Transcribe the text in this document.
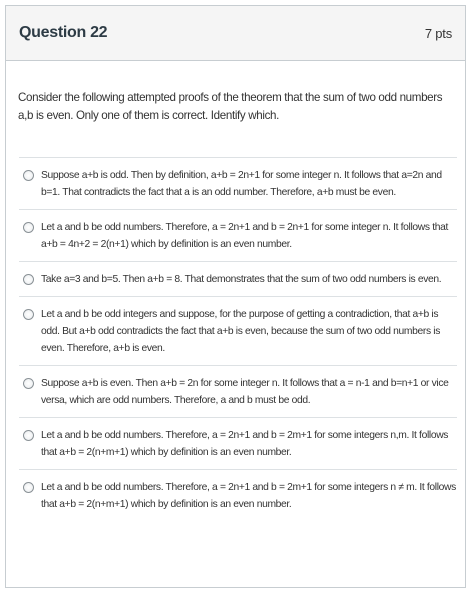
Question 22	7 pts
Consider the following attempted proofs of the theorem that the sum of two odd numbers a,b is even. Only one of them is correct. Identify which.
Suppose a+b is odd. Then by definition, a+b = 2n+1 for some integer n. It follows that a=2n and b=1. That contradicts the fact that a is an odd number. Therefore, a+b must be even.
Let a and b be odd numbers. Therefore, a = 2n+1 and b = 2n+1 for some integer n. It follows that a+b = 4n+2 = 2(n+1) which by definition is an even number.
Take a=3 and b=5. Then a+b = 8. That demonstrates that the sum of two odd numbers is even.
Let a and b be odd integers and suppose, for the purpose of getting a contradiction, that a+b is odd. But a+b odd contradicts the fact that a+b is even, because the sum of two odd numbers is even. Therefore, a+b is even.
Suppose a+b is even. Then a+b = 2n for some integer n. It follows that a = n-1 and b=n+1 or vice versa, which are odd numbers. Therefore, a and b must be odd.
Let a and b be odd numbers. Therefore, a = 2n+1 and b = 2m+1 for some integers n,m. It follows that a+b = 2(n+m+1) which by definition is an even number.
Let a and b be odd numbers. Therefore, a = 2n+1 and b = 2m+1 for some integers n ≠ m. It follows that a+b = 2(n+m+1) which by definition is an even number.
